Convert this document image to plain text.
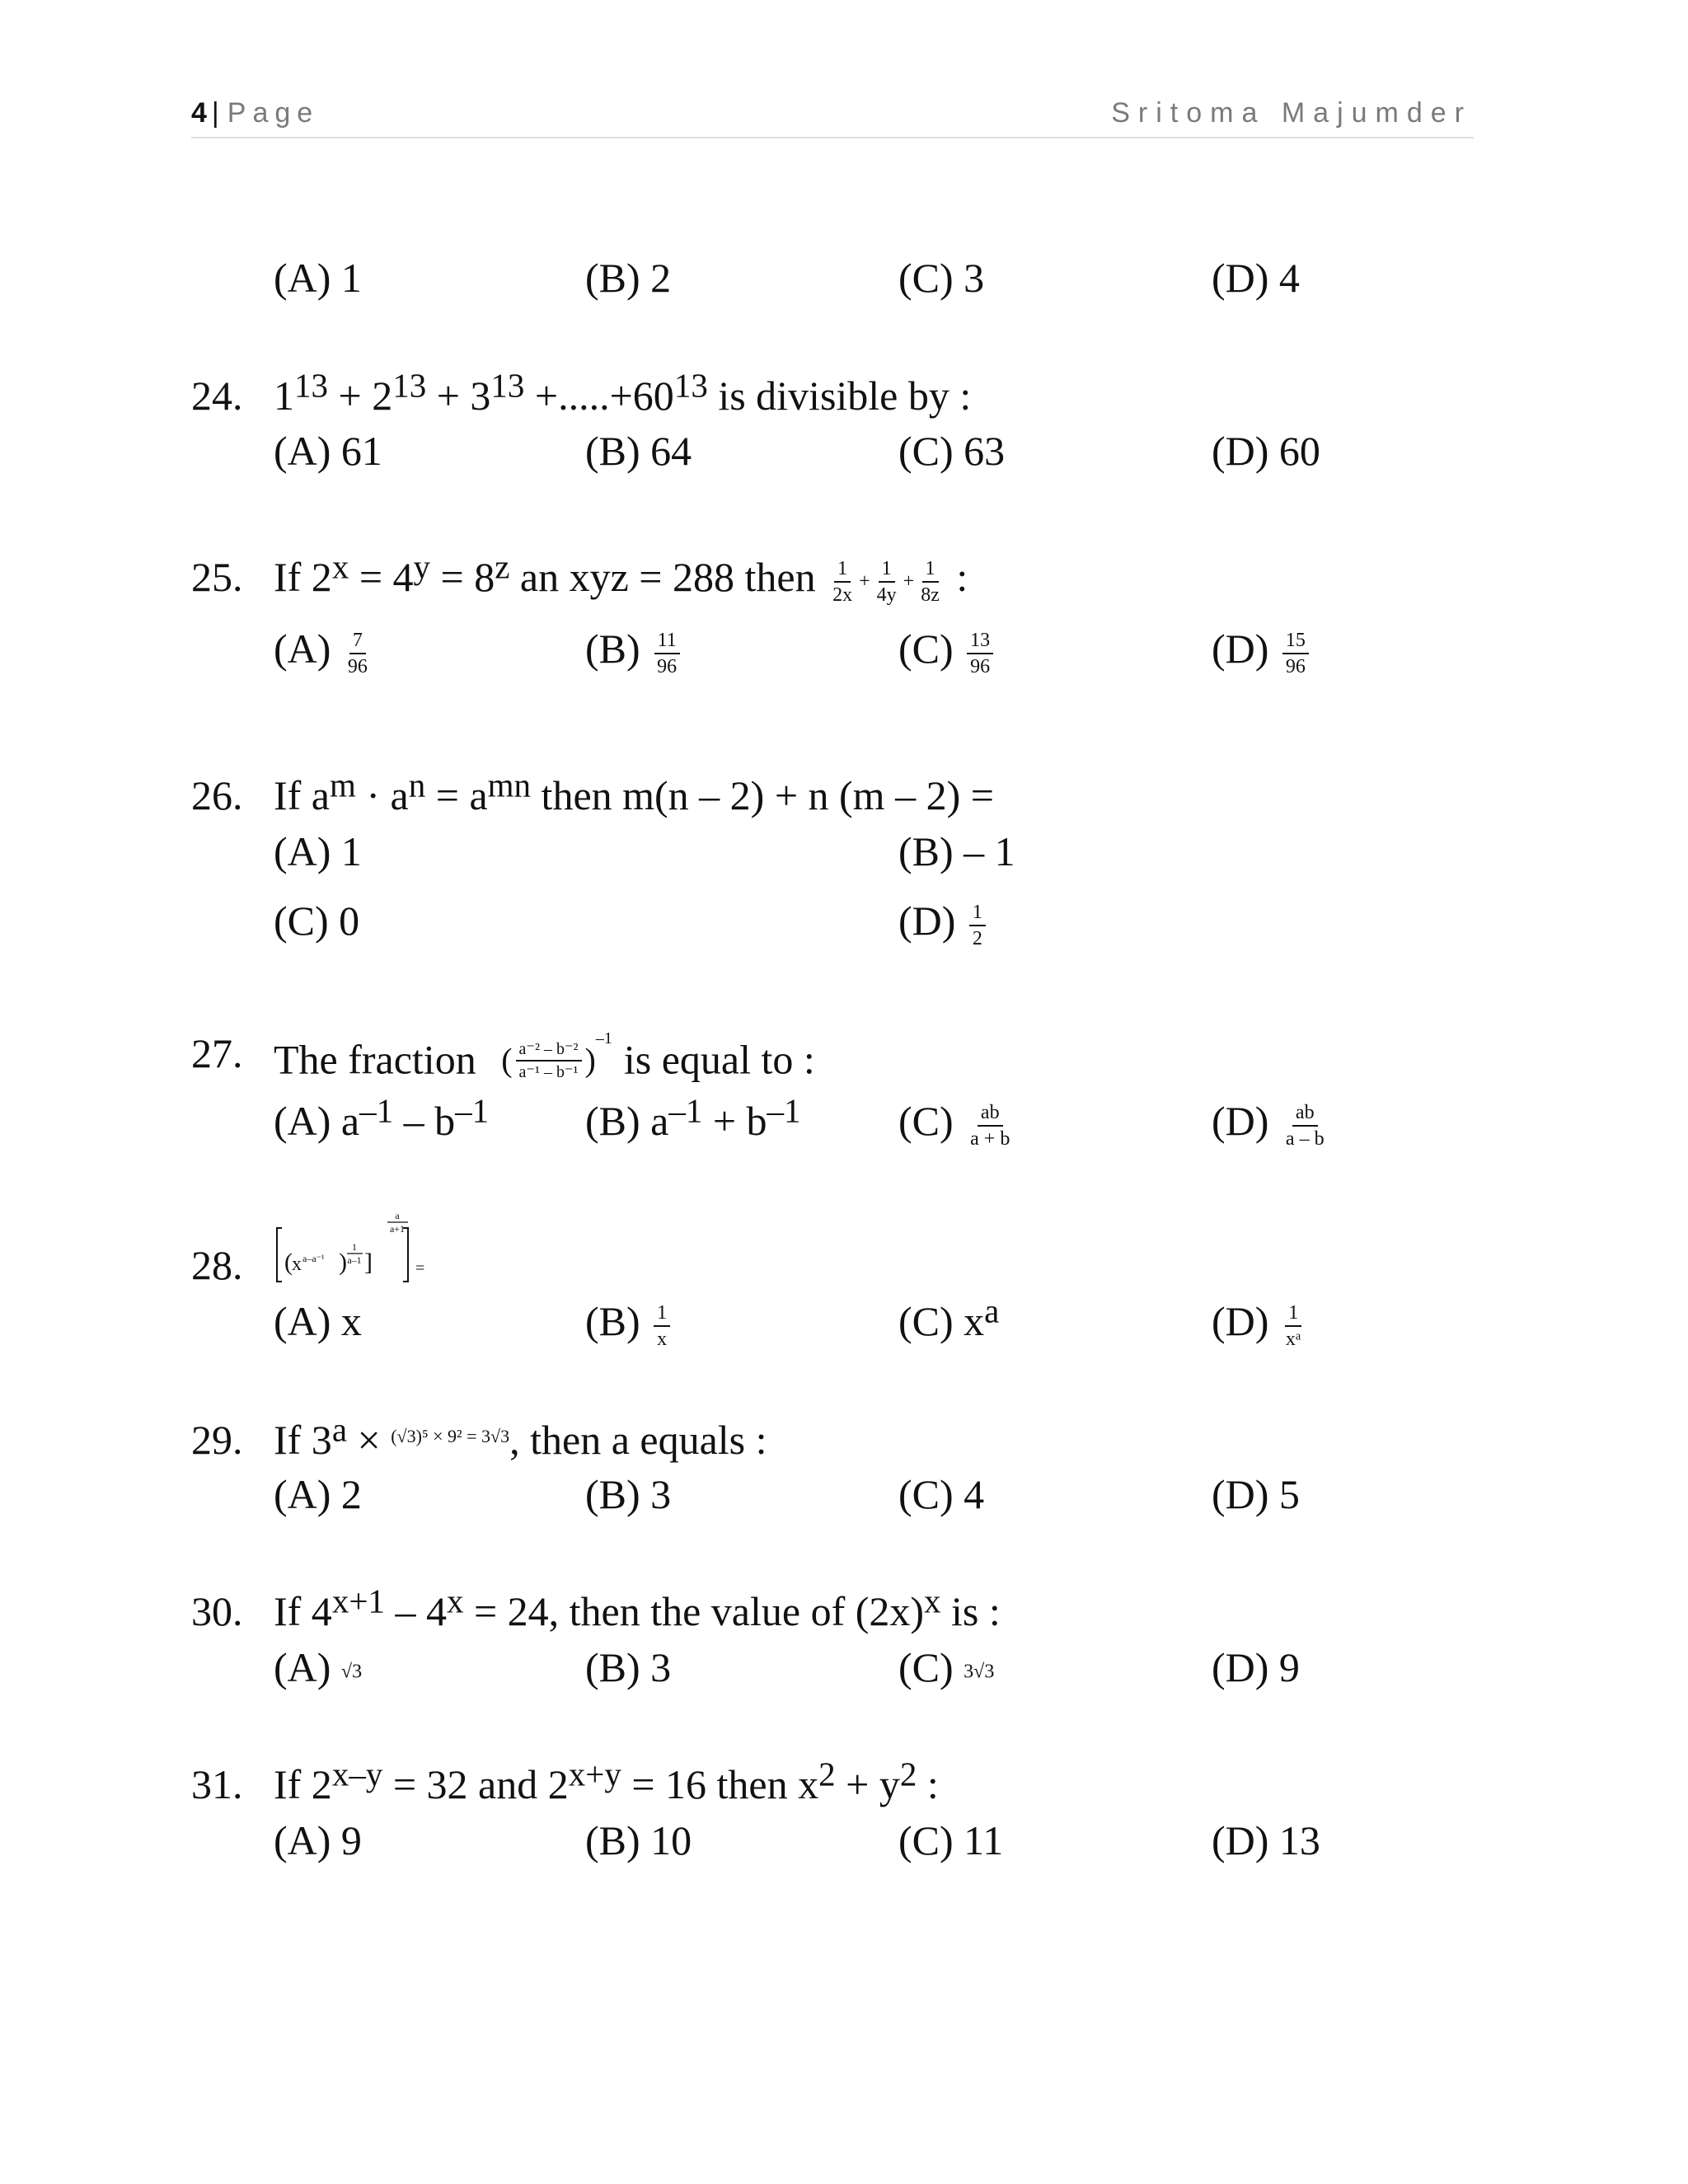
4 | Page	Sritoma Majumder
(A) 1	(B) 2	(C) 3	(D) 4
24. $1^{13} + 2^{13} + 3^{13} +.....+60^{13}$ is divisible by :
(A) 61	(B) 64	(C) 63	(D) 60
25. If $2^x = 4^y = 8^z$ an xyz = 288 then $\frac{1}{2x} + \frac{1}{4y} + \frac{1}{8z}$ :
$(A) \frac{7}{96}$	$(B) \frac{11}{96}$	$(C) \frac{13}{96}$	$(D) \frac{15}{96}$
26. If $a^m \cdot a^n = a^{mn}$ then m(n – 2) + n (m – 2) =
(A) 1	(B) – 1
(C) 0	$(D) \frac{1}{2}$
27. The fraction ( $\frac{\text{a⁻² – b⁻²}}{\text{a⁻¹ – b⁻¹}} )^{-1}$ is equal to :
(A) $a^{-1} - b^{-1}$ (B) $a^{-1} + b^{-1}$ $(C) \frac{ab}{a + b}$	$(D) \frac{ab}{a - b}$
28. ( x a–a⁻¹ )
1
a–1 ]
a
a+1
=
(A) x	$(B) \frac{1}{x}$	(C) $x^a$	$(D) \frac{1}{\text{xᵃ}}$
29. If $3^a \times ^{(√3)^5 \times 9^2 = 3√3}$, then a equals :
(A) 2	(B) 3	(C) 4	(D) 5
30. If $4^{x+1} - 4^x = 24$, then the value of $(2x)^x$ is :
(A) √3	(B) 3	(C) 3√3	(D) 9
31. If $2^{x-y} = 32$ and $2^{x+y} = 16$ then $x^2 + y^2$ :
(A) 9	(B) 10	(C) 11	(D) 13
